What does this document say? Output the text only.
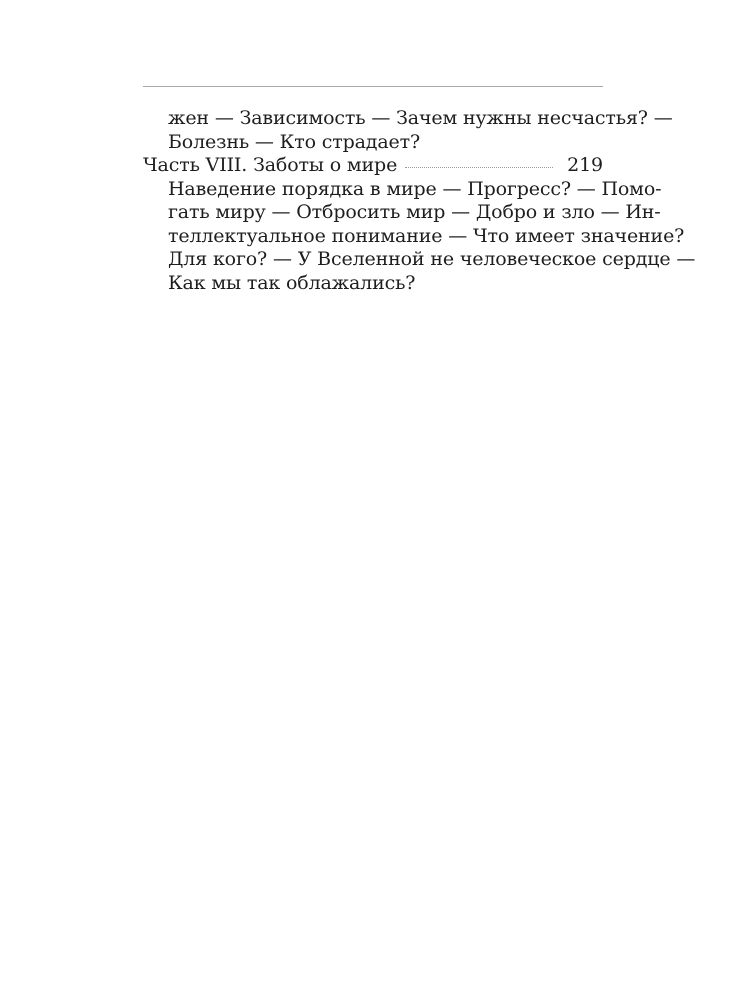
жен — Зависимость — Зачем нужны несчастья? —
Болезнь — Кто страдает?
Часть VIII. Заботы о мире	219
Наведение порядка в мире — Прогресс? — Помо-
гать миру — Отбросить мир — Добро и зло — Ин-
теллектуальное понимание — Что имеет значение?
Для кого? — У Вселенной не человеческое сердце —
Как мы так облажались?
